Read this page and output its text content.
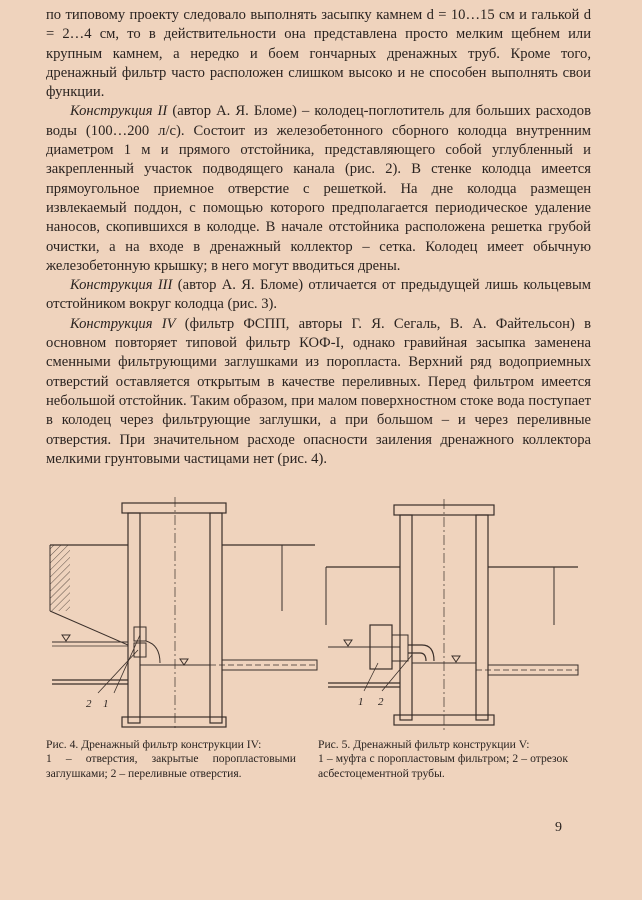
по типовому проекту следовало выполнять засыпку камнем d = 10…15 см и галькой d = 2…4 см, то в действительности она представлена просто мелким щебнем или крупным камнем, а нередко и боем гончарных дренажных труб. Кроме того, дренажный фильтр часто расположен слишком высоко и не способен выполнять свои функции.

Конструкция II (автор А. Я. Бломе) – колодец-поглотитель для больших расходов воды (100…200 л/с). Состоит из железобетонного сборного колодца внутренним диаметром 1 м и прямого отстойника, представляющего собой углубленный и закрепленный участок подводящего канала (рис. 2). В стенке колодца имеется прямоугольное приемное отверстие с решеткой. На дне колодца размещен извлекаемый поддон, с помощью которого предполагается периодическое удаление наносов, скопившихся в колодце. В начале отстойника расположена решетка грубой очистки, а на входе в дренажный коллектор – сетка. Колодец имеет обычную железобетонную крышку; в него могут вводиться дрены.

Конструкция III (автор А. Я. Бломе) отличается от предыдущей лишь кольцевым отстойником вокруг колодца (рис. 3).

Конструкция IV (фильтр ФСПП, авторы Г. Я. Сегаль, В. А. Файтельсон) в основном повторяет типовой фильтр КОФ-I, однако гравийная засыпка заменена сменными фильтрующими заглушками из поропласта. Верхний ряд водоприемных отверстий оставляется открытым в качестве переливных. Перед фильтром имеется небольшой отстойник. Таким образом, при малом поверхностном стоке вода поступает в колодец через фильтрующие заглушки, а при большом – и через переливные отверстия. При значительном расходе опасности заиления дренажного коллектора мелкими грунтовыми частицами нет (рис. 4).

2 1	1 2
Рис. 4. Дренажный фильтр конструкции IV:
1 – отверстия, закрытые поропластовыми заглушками; 2 – переливные отверстия.
Рис. 5. Дренажный фильтр конструкции V:
1 – муфта с поропластовым фильтром; 2 – отрезок асбестоцементной трубы.
9
